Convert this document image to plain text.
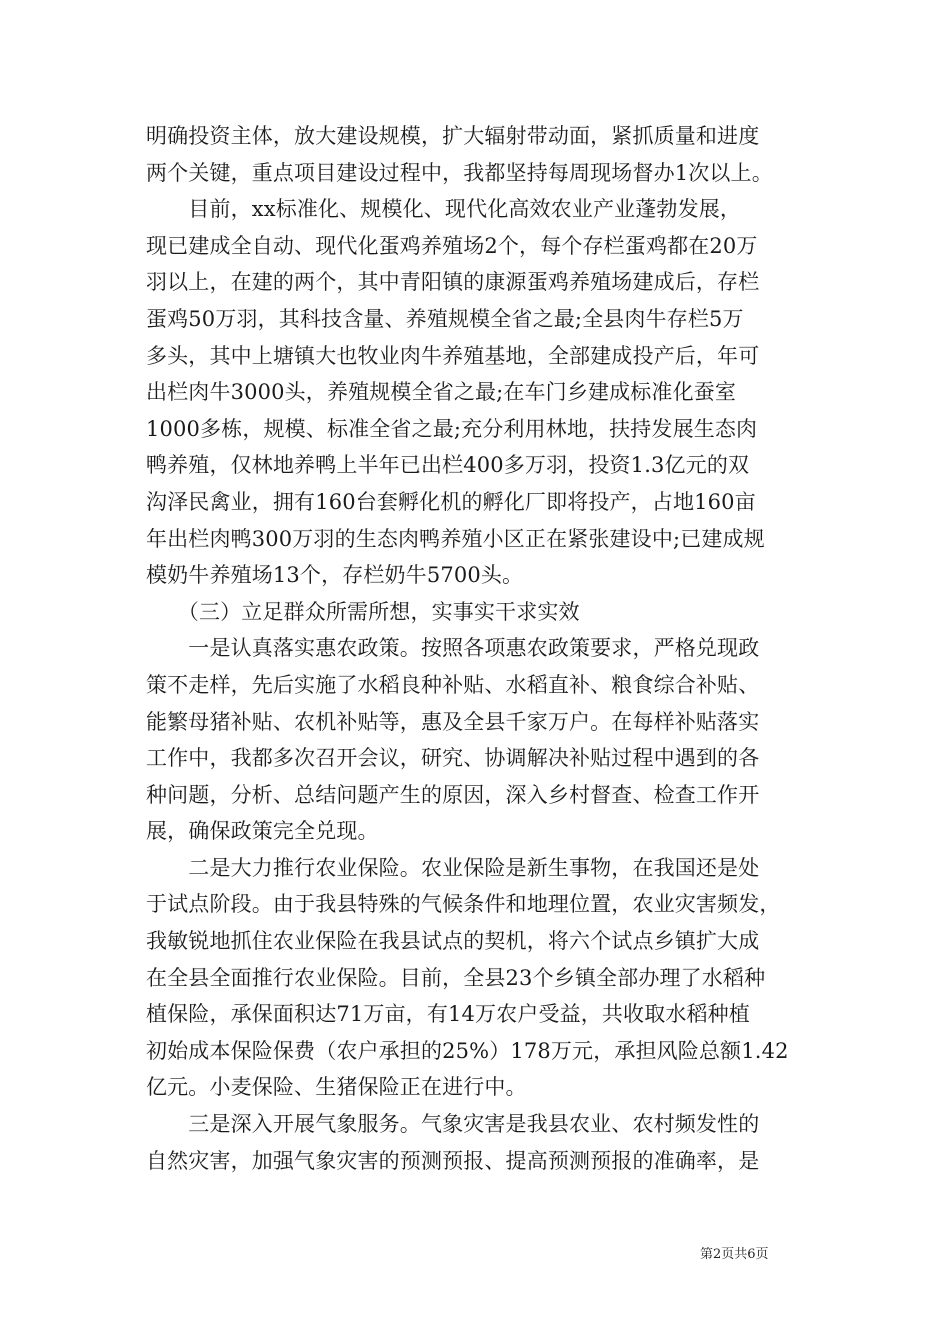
明确投资主体，放大建设规模，扩大辐射带动面，紧抓质量和进度
两个关键，重点项目建设过程中，我都坚持每周现场督办1次以上。
　　目前，xx标准化、规模化、现代化高效农业产业蓬勃发展，
现已建成全自动、现代化蛋鸡养殖场2个，每个存栏蛋鸡都在20万
羽以上，在建的两个，其中青阳镇的康源蛋鸡养殖场建成后，存栏
蛋鸡50万羽，其科技含量、养殖规模全省之最;全县肉牛存栏5万
多头，其中上塘镇大也牧业肉牛养殖基地，全部建成投产后，年可
出栏肉牛3000头，养殖规模全省之最;在车门乡建成标准化蚕室
1000多栋，规模、标准全省之最;充分利用林地，扶持发展生态肉
鸭养殖，仅林地养鸭上半年已出栏400多万羽，投资1.3亿元的双
沟泽民禽业，拥有160台套孵化机的孵化厂即将投产，占地160亩
年出栏肉鸭300万羽的生态肉鸭养殖小区正在紧张建设中;已建成规
模奶牛养殖场13个，存栏奶牛5700头。
　　（三）立足群众所需所想，实事实干求实效
　　一是认真落实惠农政策。按照各项惠农政策要求，严格兑现政
策不走样，先后实施了水稻良种补贴、水稻直补、粮食综合补贴、
能繁母猪补贴、农机补贴等，惠及全县千家万户。在每样补贴落实
工作中，我都多次召开会议，研究、协调解决补贴过程中遇到的各
种问题，分析、总结问题产生的原因，深入乡村督查、检查工作开
展，确保政策完全兑现。
　　二是大力推行农业保险。农业保险是新生事物，在我国还是处
于试点阶段。由于我县特殊的气候条件和地理位置，农业灾害频发，
我敏锐地抓住农业保险在我县试点的契机，将六个试点乡镇扩大成
在全县全面推行农业保险。目前，全县23个乡镇全部办理了水稻种
植保险，承保面积达71万亩，有14万农户受益，共收取水稻种植
初始成本保险保费（农户承担的25%）178万元，承担风险总额1.42
亿元。小麦保险、生猪保险正在进行中。
　　三是深入开展气象服务。气象灾害是我县农业、农村频发性的
自然灾害，加强气象灾害的预测预报、提高预测预报的准确率，是
第2页共6页
